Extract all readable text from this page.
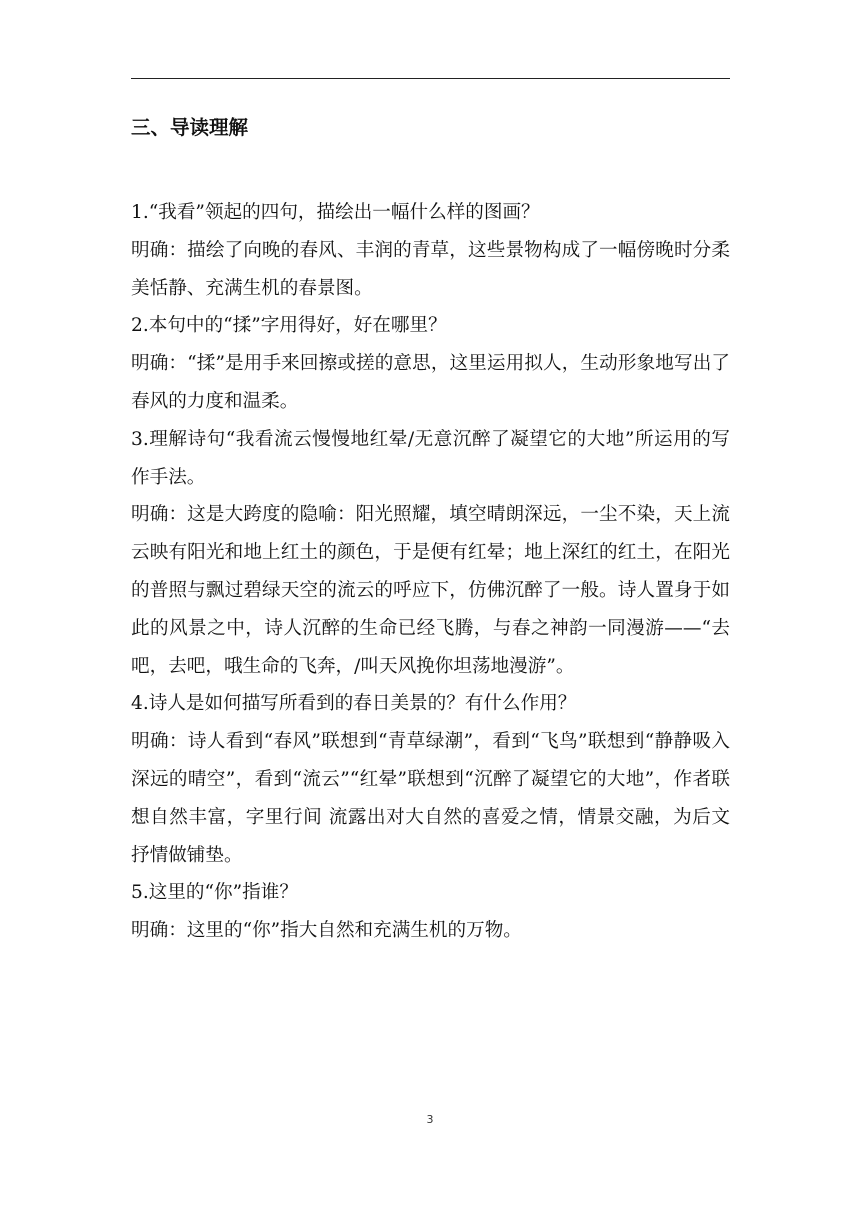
三、导读理解

1.“我看”领起的四句，描绘出一幅什么样的图画？

明确：描绘了向晚的春风、丰润的青草，这些景物构成了一幅傍晚时分柔美恬静、充满生机的春景图。

2.本句中的“揉”字用得好，好在哪里？

明确：“揉”是用手来回擦或搓的意思，这里运用拟人，生动形象地写出了春风的力度和温柔。

3.理解诗句“我看流云慢慢地红晕/无意沉醉了凝望它的大地”所运用的写作手法。

明确：这是大跨度的隐喻：阳光照耀，填空晴朗深远，一尘不染，天上流云映有阳光和地上红土的颜色，于是便有红晕；地上深红的红土，在阳光的普照与飘过碧绿天空的流云的呼应下，仿佛沉醉了一般。诗人置身于如此的风景之中，诗人沉醉的生命已经飞腾，与春之神韵一同漫游——“去吧，去吧，哦生命的飞奔，/叫天风挽你坦荡地漫游”。

4.诗人是如何描写所看到的春日美景的？有什么作用？

明确：诗人看到“春风”联想到“青草绿潮”，看到“飞鸟”联想到“静静吸入深远的晴空”，看到“流云”“红晕”联想到“沉醉了凝望它的大地”，作者联想自然丰富，字里行间 流露出对大自然的喜爱之情，情景交融，为后文抒情做铺垫。

5.这里的“你”指谁？

明确：这里的“你”指大自然和充满生机的万物。

3
